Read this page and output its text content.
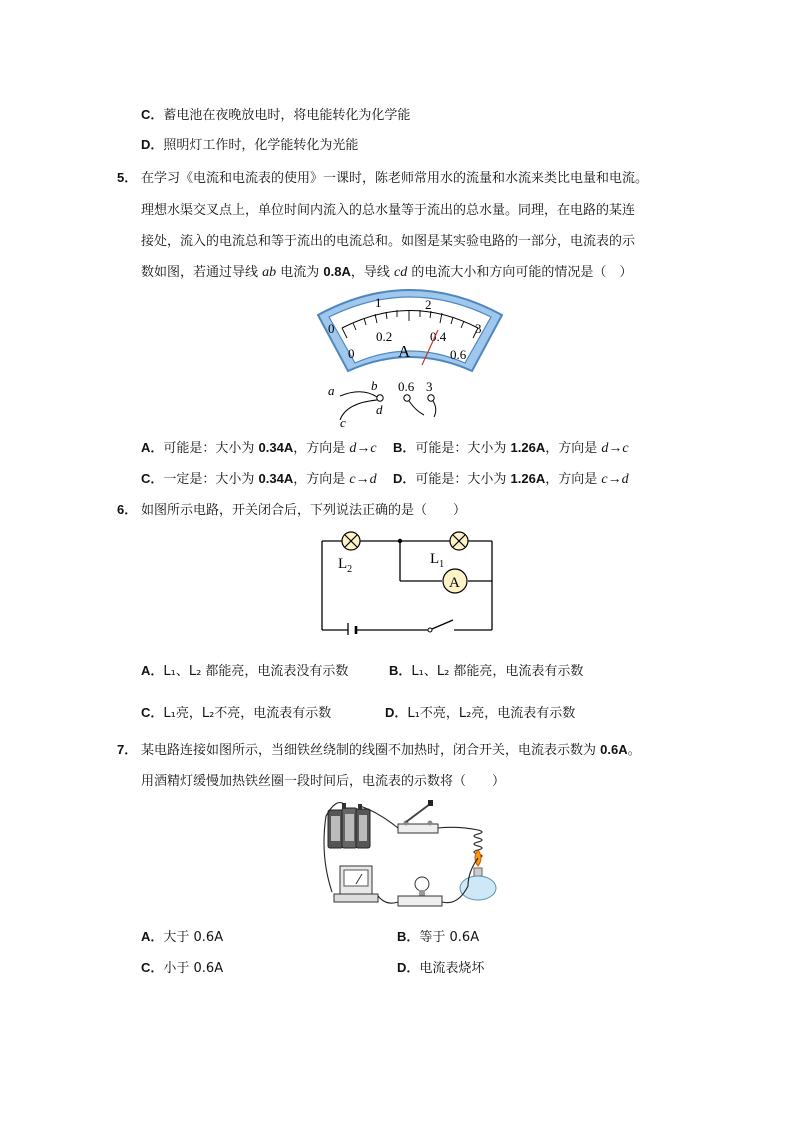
C．蓄电池在夜晚放电时，将电能转化为化学能
D．照明灯工作时，化学能转化为光能
5． 在学习《电流和电流表的使用》一课时，陈老师常用水的流量和水流来类比电量和电流。
理想水渠交叉点上，单位时间内流入的总水量等于流出的总水量。同理，在电路的某连
接处，流入的电流总和等于流出的电流总和。如图是某实验电路的一部分，电流表的示
数如图，若通过导线 ab 电流为 0.8A，导线 cd 的电流大小和方向可能的情况是（　）
0
1	2
3
0
0.2	0.4
0.6
A
0.6 3
a	b
c
d
A．可能是：大小为 0.34A，方向是 d→c B．可能是：大小为 1.26A，方向是 d→c
C．一定是：大小为 0.34A，方向是 c→d D．可能是：大小为 1.26A，方向是 c→d
6． 如图所示电路，开关闭合后，下列说法正确的是（　　）
A
$L_2$
$L_1$
A．L₁、L₂ 都能亮，电流表没有示数	B．L₁、L₂ 都能亮，电流表有示数
C．L₁亮，L₂不亮，电流表有示数	D．L₁不亮，L₂亮，电流表有示数
7． 某电路连接如图所示，当细铁丝绕制的线圈不加热时，闭合开关，电流表示数为 0.6A。
用酒精灯缓慢加热铁丝圈一段时间后，电流表的示数将（　　）
A．大于 0.6A	B．等于 0.6A
C．小于 0.6A	D．电流表烧坏
